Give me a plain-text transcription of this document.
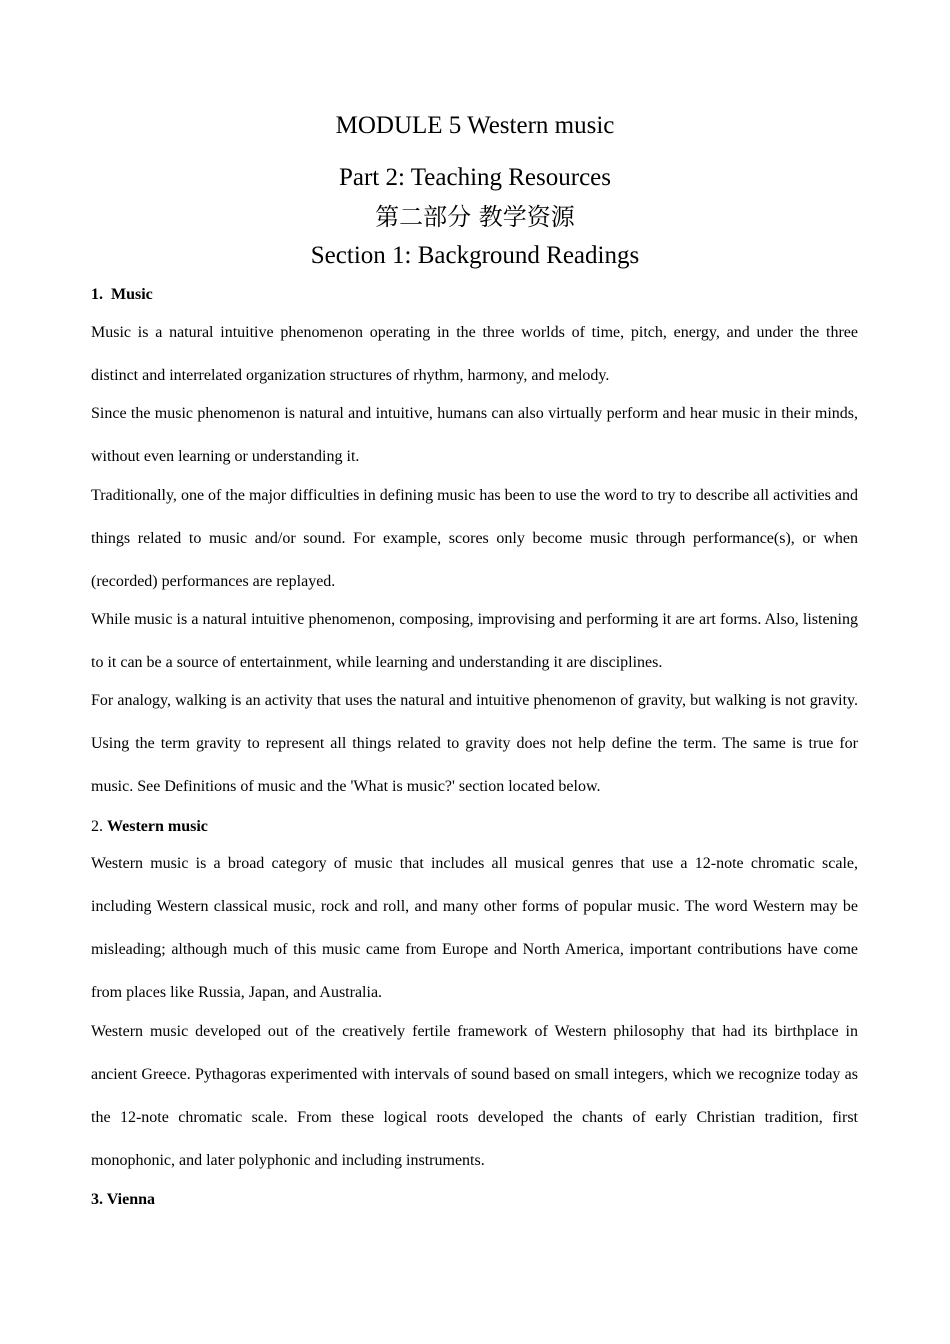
MODULE 5 Western music
Part 2: Teaching Resources
第二部分 教学资源
Section 1: Background Readings
1. Music
Music is a natural intuitive phenomenon operating in the three worlds of time, pitch, energy, and under the three distinct and interrelated organization structures of rhythm, harmony, and melody.
Since the music phenomenon is natural and intuitive, humans can also virtually perform and hear music in their minds, without even learning or understanding it.
Traditionally, one of the major difficulties in defining music has been to use the word to try to describe all activities and things related to music and/or sound. For example, scores only become music through performance(s), or when (recorded) performances are replayed.
While music is a natural intuitive phenomenon, composing, improvising and performing it are art forms. Also, listening to it can be a source of entertainment, while learning and understanding it are disciplines.
For analogy, walking is an activity that uses the natural and intuitive phenomenon of gravity, but walking is not gravity. Using the term gravity to represent all things related to gravity does not help define the term. The same is true for music. See Definitions of music and the 'What is music?' section located below.
2. Western music
Western music is a broad category of music that includes all musical genres that use a 12-note chromatic scale, including Western classical music, rock and roll, and many other forms of popular music. The word Western may be misleading; although much of this music came from Europe and North America, important contributions have come from places like Russia, Japan, and Australia.
Western music developed out of the creatively fertile framework of Western philosophy that had its birthplace in ancient Greece. Pythagoras experimented with intervals of sound based on small integers, which we recognize today as the 12-note chromatic scale. From these logical roots developed the chants of early Christian tradition, first monophonic, and later polyphonic and including instruments.
3. Vienna
